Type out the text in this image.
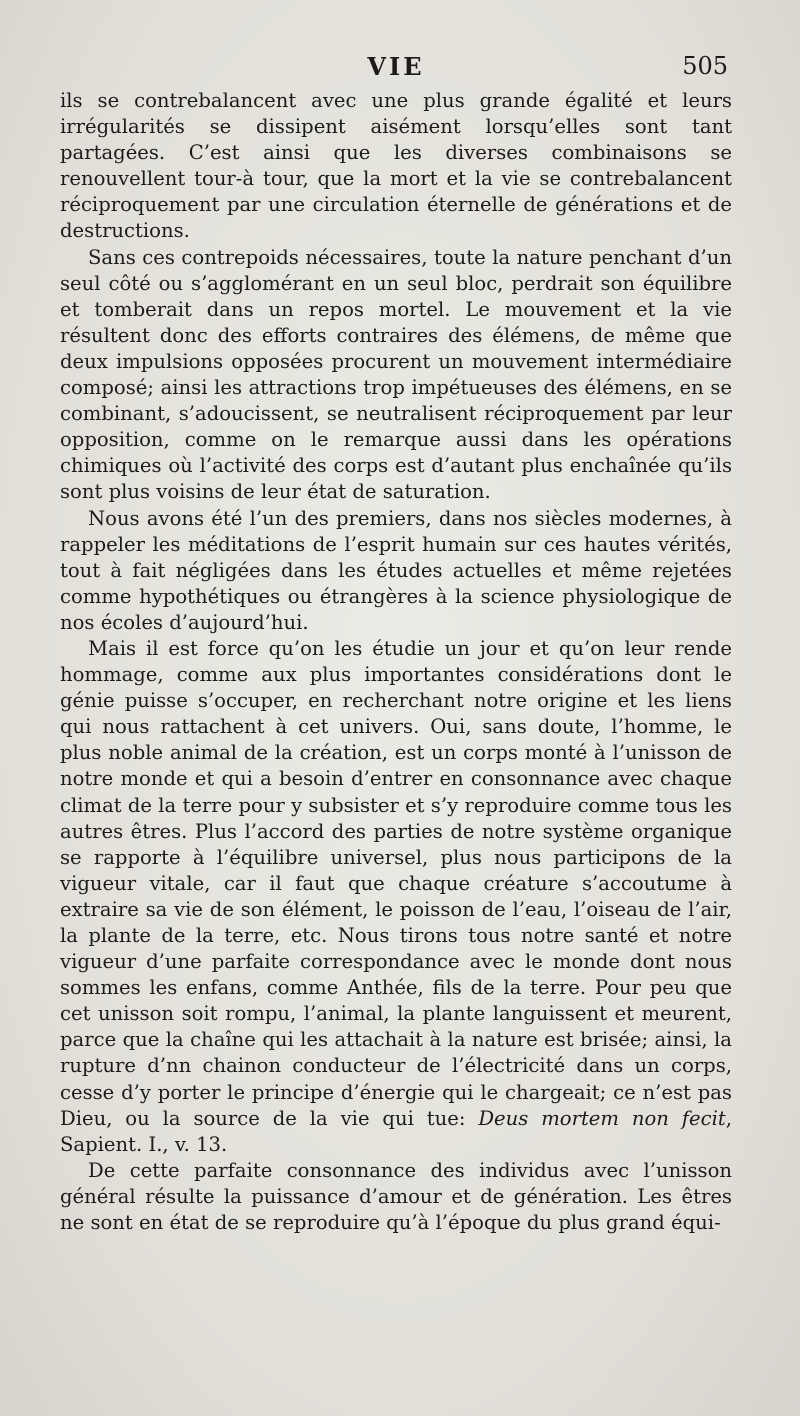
VIE	505

ils se contrebalancent avec une plus grande égalité et leurs irrégularités se dissipent aisément lorsqu’elles sont tant partagées. C’est ainsi que les diverses combinaisons se renouvellent tour-à tour, que la mort et la vie se contrebalancent réciproquement par une circulation éternelle de générations et de destructions.

Sans ces contrepoids nécessaires, toute la nature penchant d’un seul côté ou s’agglomérant en un seul bloc, perdrait son équilibre et tomberait dans un repos mortel. Le mouvement et la vie résultent donc des efforts contraires des élémens, de même que deux impulsions opposées procurent un mouvement intermédiaire composé; ainsi les attractions trop impétueuses des élémens, en se combinant, s’adoucissent, se neutralisent réciproquement par leur opposition, comme on le remarque aussi dans les opérations chimiques où l’activité des corps est d’autant plus enchaînée qu’ils sont plus voisins de leur état de saturation.

Nous avons été l’un des premiers, dans nos siècles modernes, à rappeler les méditations de l’esprit humain sur ces hautes vérités, tout à fait négligées dans les études actuelles et même rejetées comme hypothétiques ou étrangères à la science physiologique de nos écoles d’aujourd’hui.

Mais il est force qu’on les étudie un jour et qu’on leur rende hommage, comme aux plus importantes considérations dont le génie puisse s’occuper, en recherchant notre origine et les liens qui nous rattachent à cet univers. Oui, sans doute, l’homme, le plus noble animal de la création, est un corps monté à l’unisson de notre monde et qui a besoin d’entrer en consonnance avec chaque climat de la terre pour y subsister et s’y reproduire comme tous les autres êtres. Plus l’accord des parties de notre système organique se rapporte à l’équilibre universel, plus nous participons de la vigueur vitale, car il faut que chaque créature s’accoutume à extraire sa vie de son élément, le poisson de l’eau, l’oiseau de l’air, la plante de la terre, etc. Nous tirons tous notre santé et notre vigueur d’une parfaite correspondance avec le monde dont nous sommes les enfans, comme Anthée, fils de la terre. Pour peu que cet unisson soit rompu, l’animal, la plante languissent et meurent, parce que la chaîne qui les attachait à la nature est brisée; ainsi, la rupture d’nn chainon conducteur de l’électricité dans un corps, cesse d’y porter le principe d’énergie qui le chargeait; ce n’est pas Dieu, ou la source de la vie qui tue: Deus mortem non fecit, Sapient. I., v. 13.

De cette parfaite consonnance des individus avec l’unisson général résulte la puissance d’amour et de génération. Les êtres ne sont en état de se reproduire qu’à l’époque du plus grand équi-
